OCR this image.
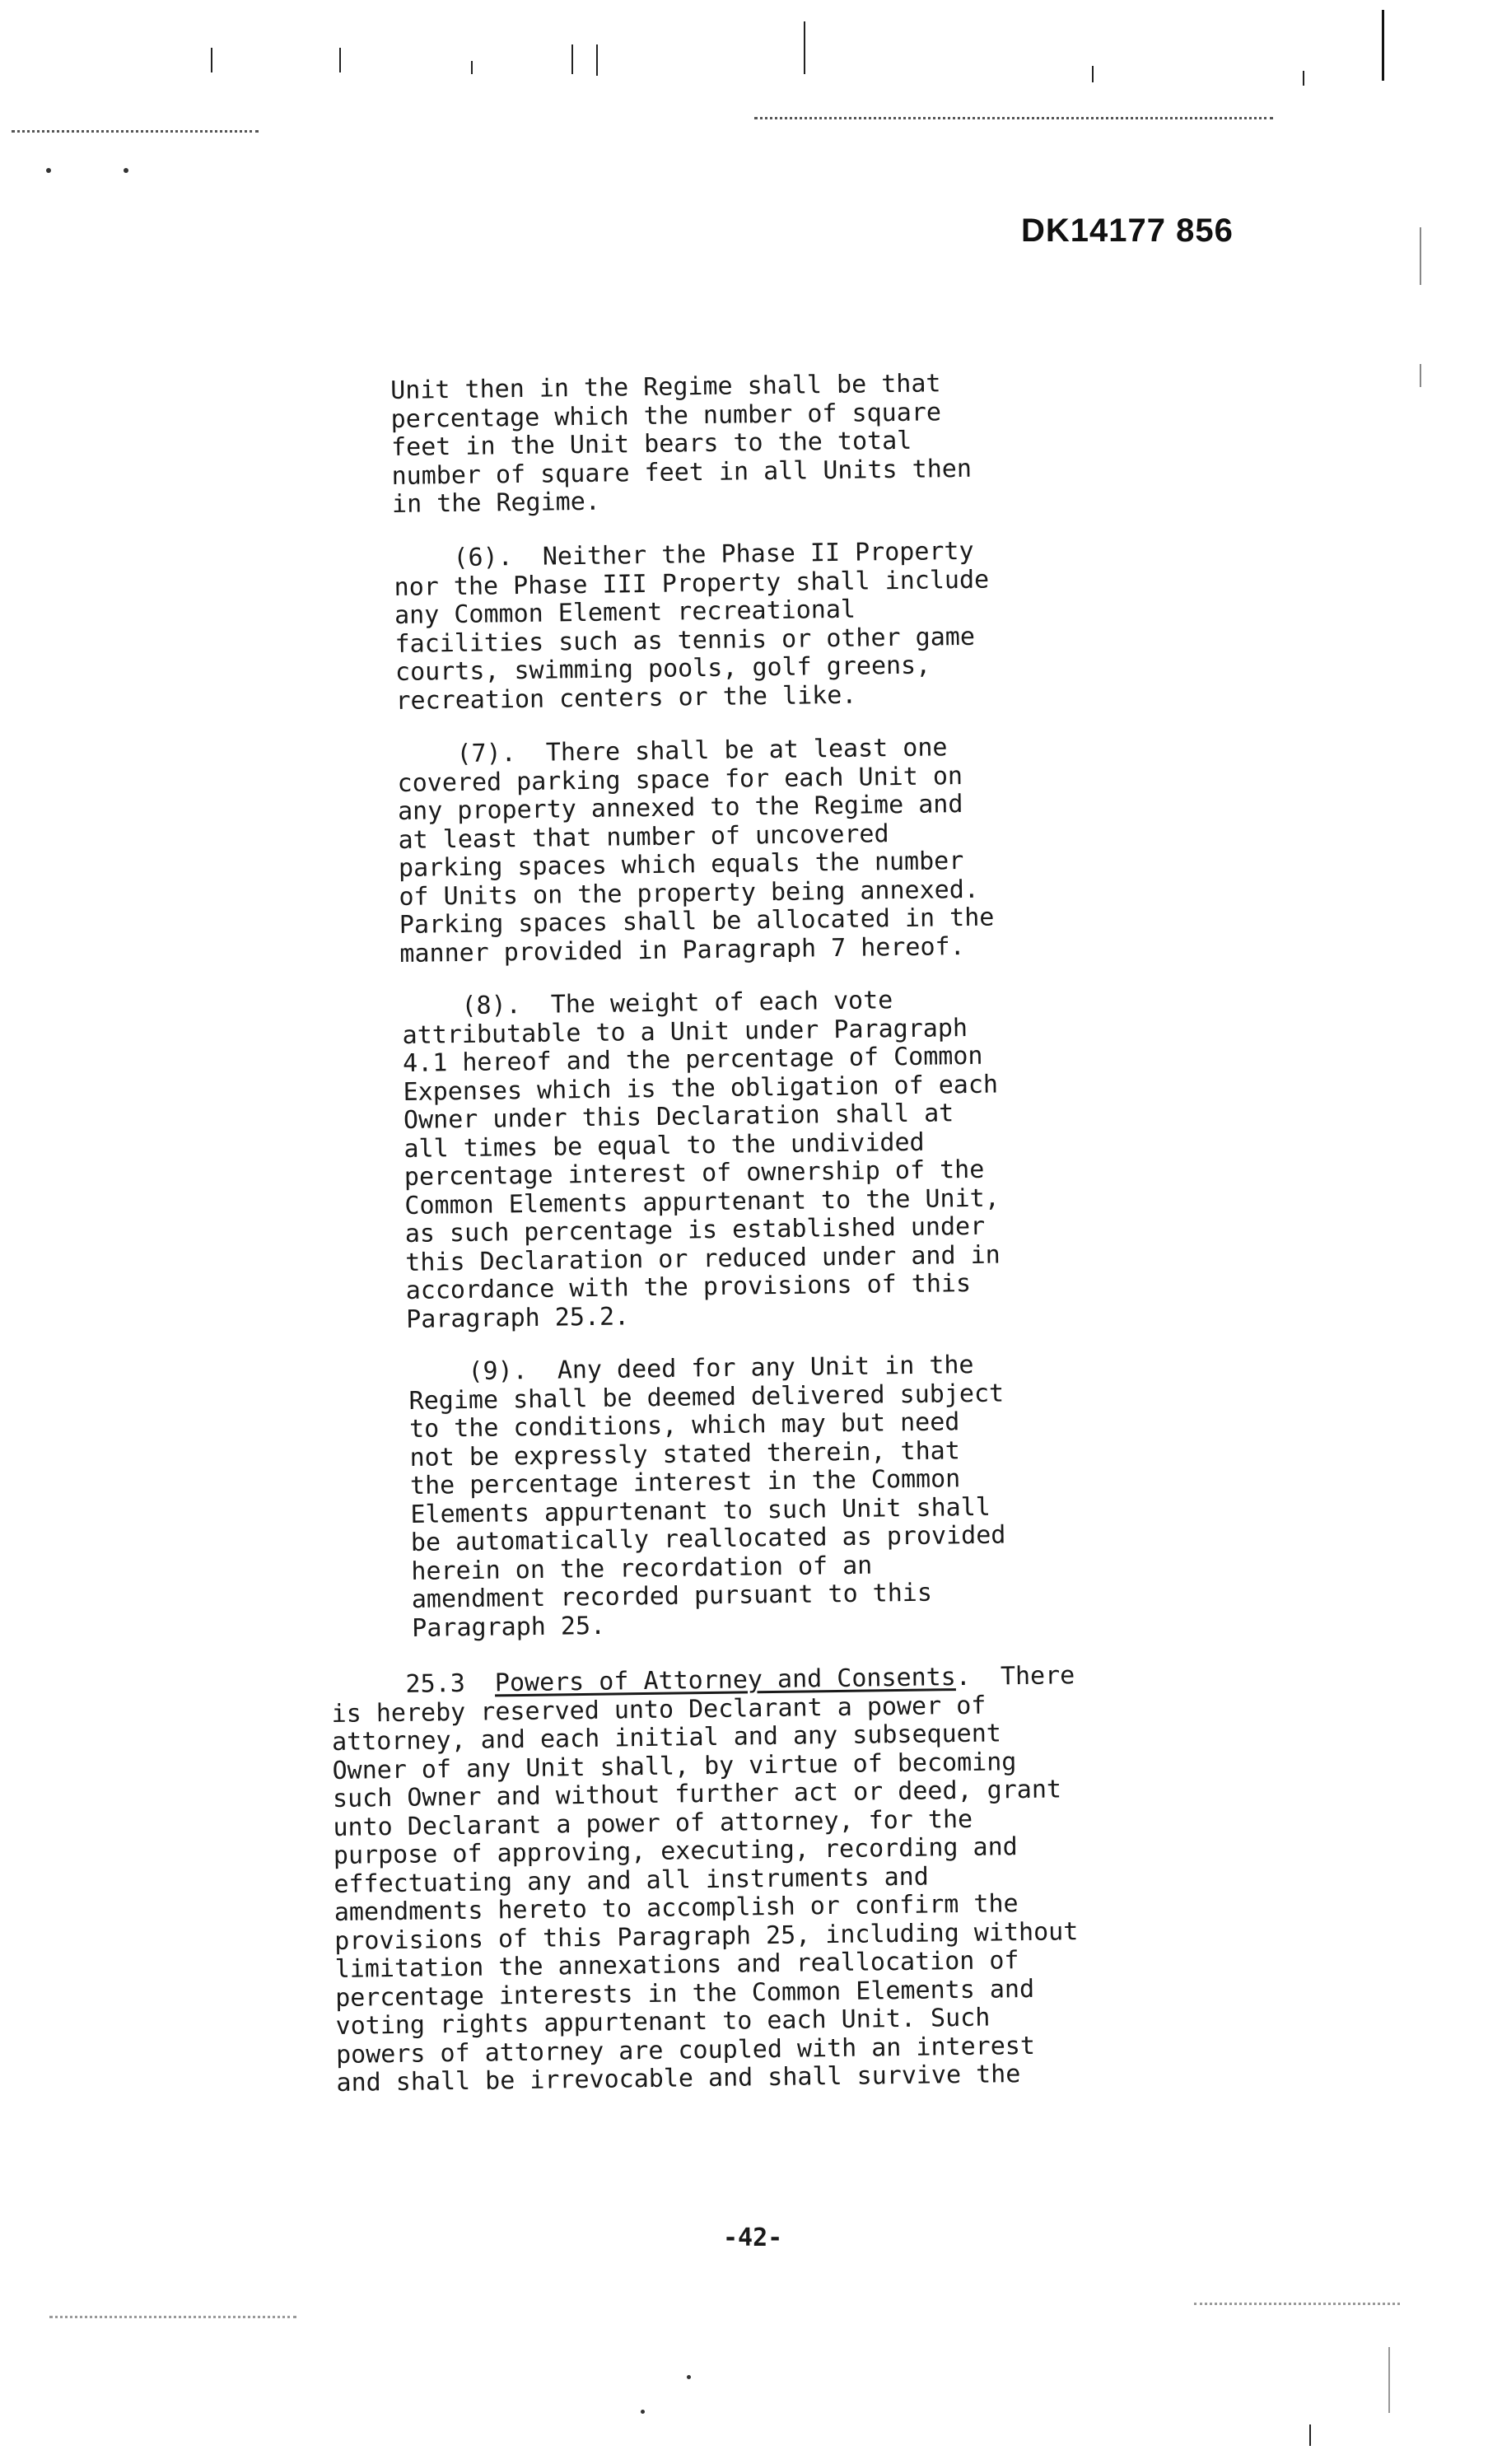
DK14177 856
Unit then in the Regime shall be that
percentage which the number of square
feet in the Unit bears to the total
number of square feet in all Units then
in the Regime.
(6).  Neither the Phase II Property
nor the Phase III Property shall include
any Common Element recreational
facilities such as tennis or other game
courts, swimming pools, golf greens,
recreation centers or the like.
(7).  There shall be at least one
covered parking space for each Unit on
any property annexed to the Regime and
at least that number of uncovered
parking spaces which equals the number
of Units on the property being annexed.
Parking spaces shall be allocated in the
manner provided in Paragraph 7 hereof.
(8).  The weight of each vote
attributable to a Unit under Paragraph
4.1 hereof and the percentage of Common
Expenses which is the obligation of each
Owner under this Declaration shall at
all times be equal to the undivided
percentage interest of ownership of the
Common Elements appurtenant to the Unit,
as such percentage is established under
this Declaration or reduced under and in
accordance with the provisions of this
Paragraph 25.2.
(9).  Any deed for any Unit in the
Regime shall be deemed delivered subject
to the conditions, which may but need
not be expressly stated therein, that
the percentage interest in the Common
Elements appurtenant to such Unit shall
be automatically reallocated as provided
herein on the recordation of an
amendment recorded pursuant to this
Paragraph 25.
25.3  Powers of Attorney and Consents.  There
is hereby reserved unto Declarant a power of
attorney, and each initial and any subsequent
Owner of any Unit shall, by virtue of becoming
such Owner and without further act or deed, grant
unto Declarant a power of attorney, for the
purpose of approving, executing, recording and
effectuating any and all instruments and
amendments hereto to accomplish or confirm the
provisions of this Paragraph 25, including without
limitation the annexations and reallocation of
percentage interests in the Common Elements and
voting rights appurtenant to each Unit. Such
powers of attorney are coupled with an interest
and shall be irrevocable and shall survive the
-42-
